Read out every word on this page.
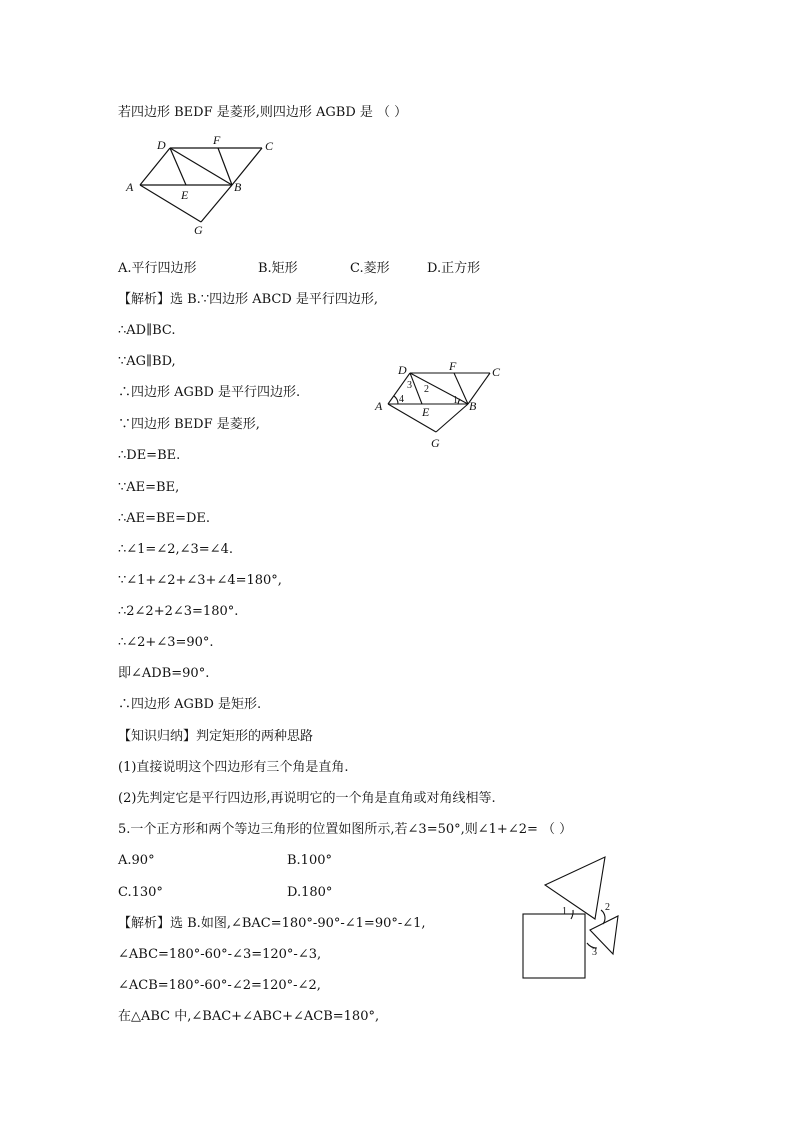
若四边形 BEDF 是菱形,则四边形 AGBD 是 （ ）
A.平行四边形	B.矩形	C.菱形	D.正方形
【解析】选 B.∵四边形 ABCD 是平行四边形,
∴AD∥BC.
∵AG∥BD,
∴四边形 AGBD 是平行四边形.
∵四边形 BEDF 是菱形,
∴DE=BE.
∵AE=BE,
∴AE=BE=DE.
∴∠1=∠2,∠3=∠4.
∵∠1+∠2+∠3+∠4=180°,
∴2∠2+2∠3=180°.
∴∠2+∠3=90°.
即∠ADB=90°.
∴四边形 AGBD 是矩形.
【知识归纳】判定矩形的两种思路
(1)直接说明这个四边形有三个角是直角.
(2)先判定它是平行四边形,再说明它的一个角是直角或对角线相等.
5.一个正方形和两个等边三角形的位置如图所示,若∠3=50°,则∠1+∠2= （ ）
A.90°	B.100°
C.130°	D.180°
【解析】选 B.如图,∠BAC=180°-90°-∠1=90°-∠1,
∠ABC=180°-60°-∠3=120°-∠3,
∠ACB=180°-60°-∠2=120°-∠2,
在△ABC 中,∠BAC+∠ABC+∠ACB=180°,
D	F	C
A
E
B
G
D	F	C
A	E	B
G
3 2
4	1
1	2
3
